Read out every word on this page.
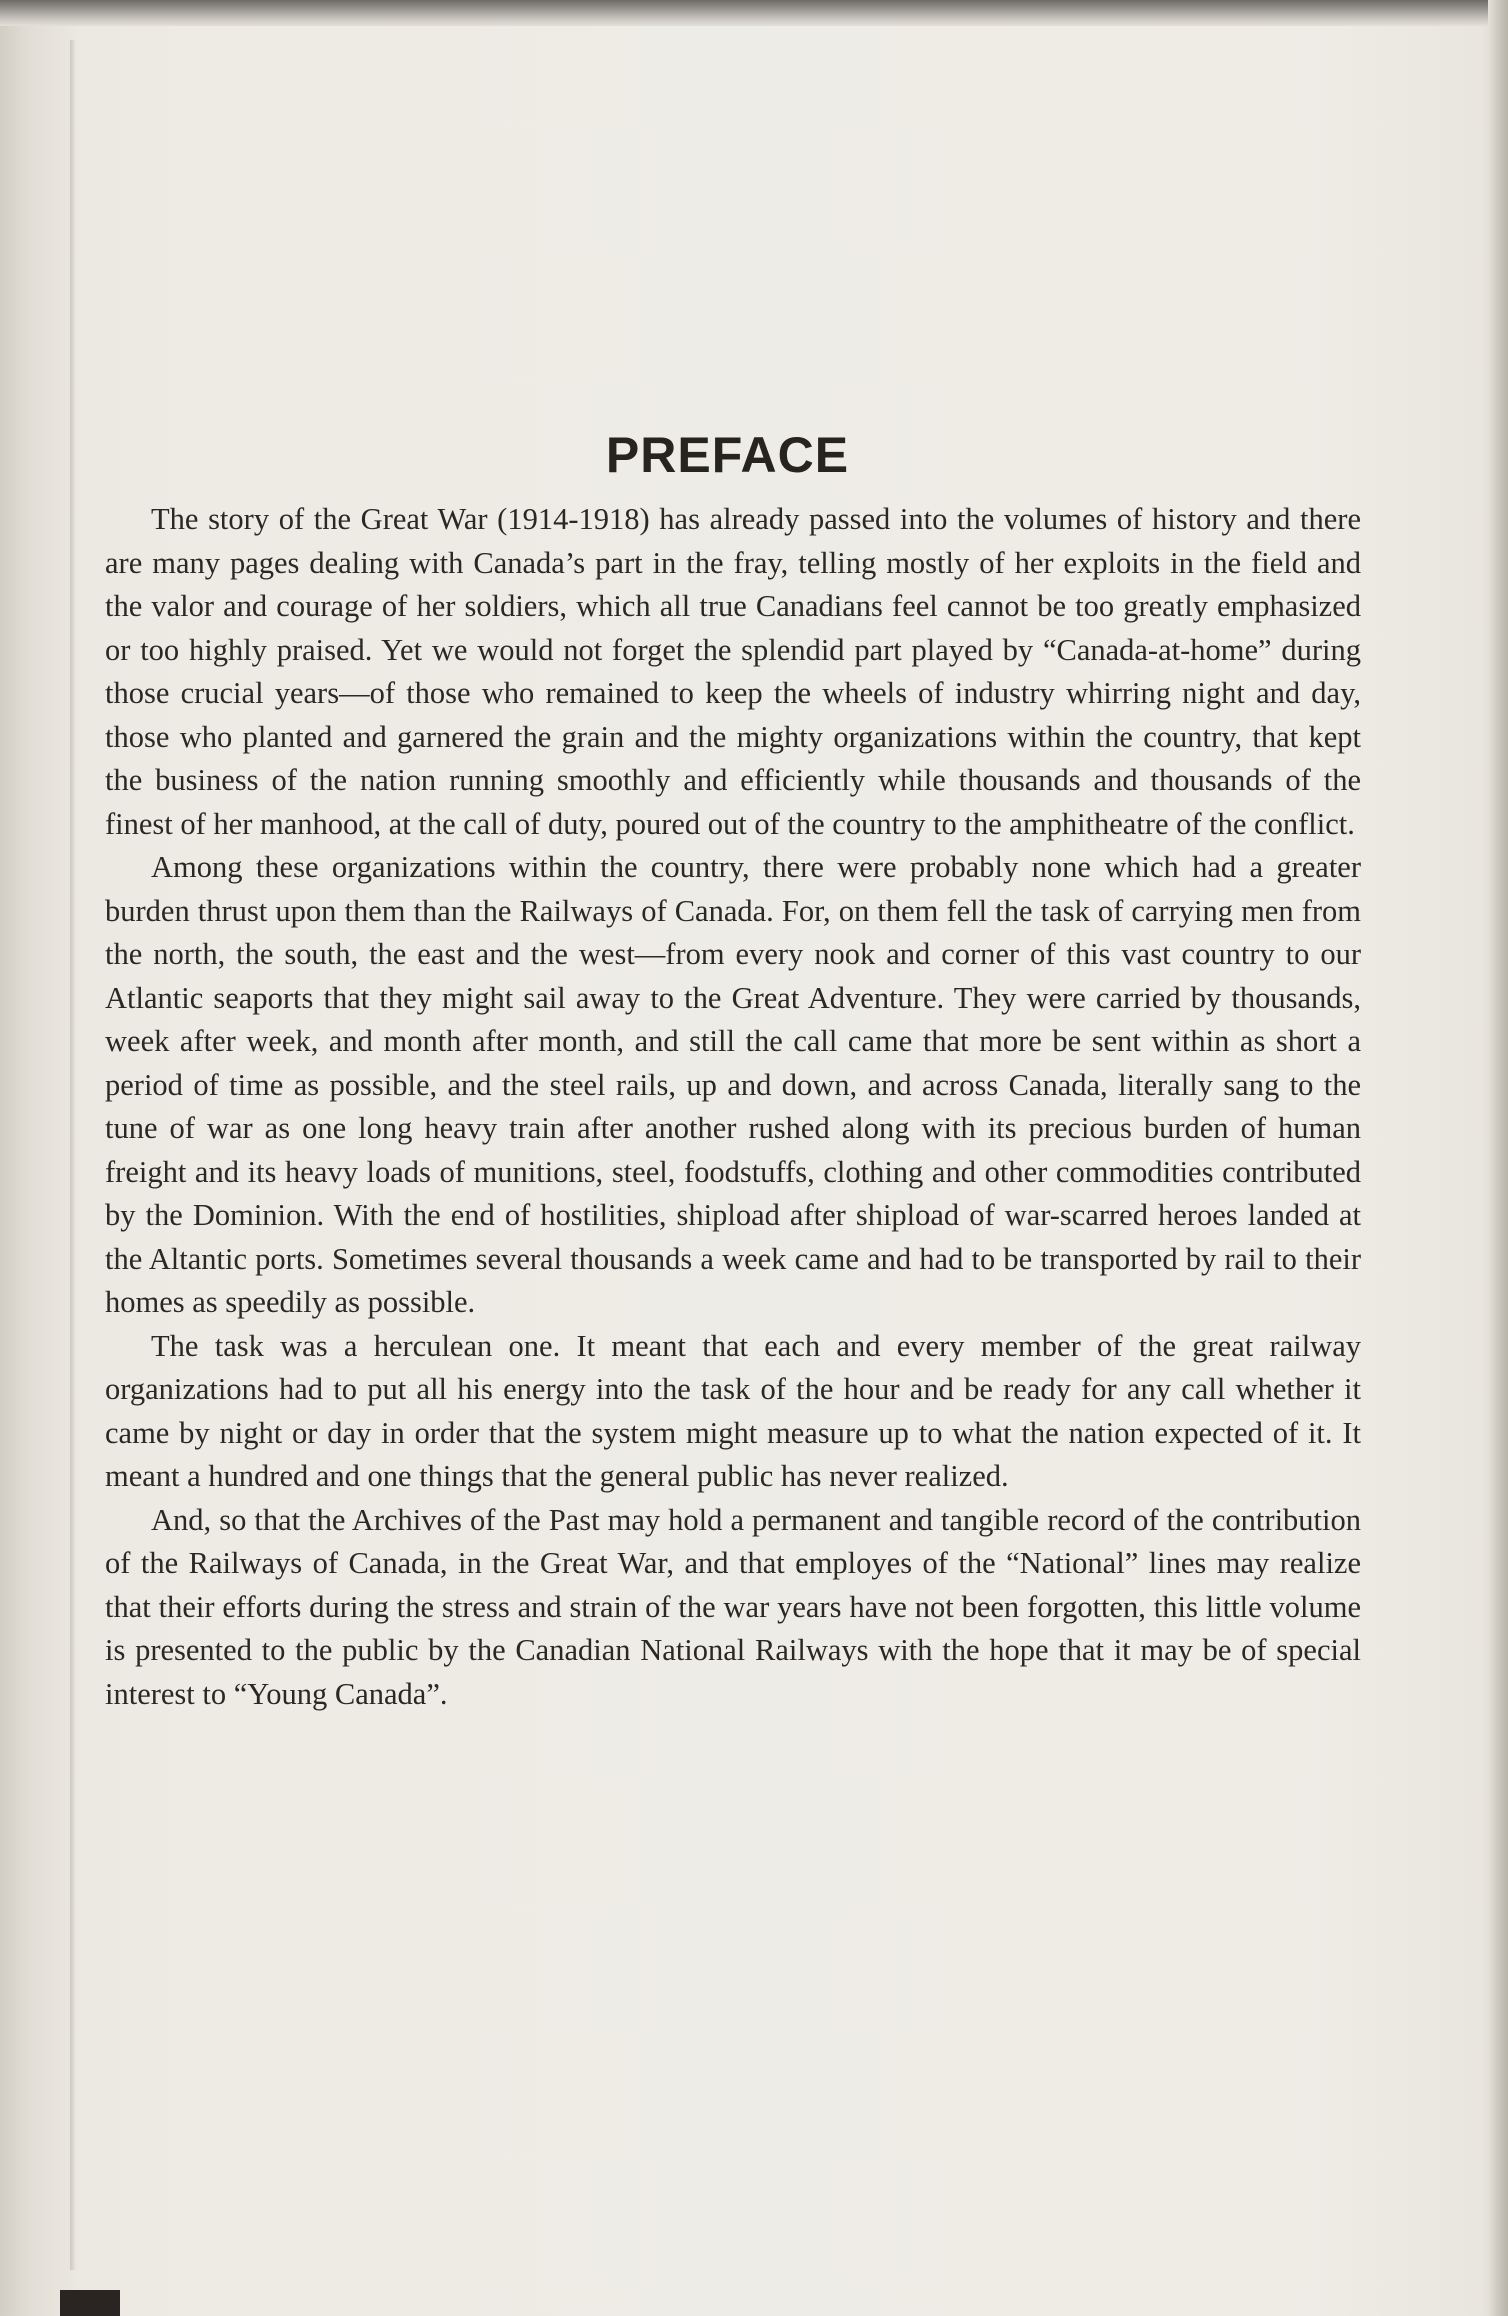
PREFACE

The story of the Great War (1914-1918) has already passed into the volumes of history and there are many pages dealing with Canada’s part in the fray, telling mostly of her exploits in the field and the valor and courage of her soldiers, which all true Canadians feel cannot be too greatly emphasized or too highly praised. Yet we would not forget the splendid part played by “Canada-at-home” during those crucial years—of those who remained to keep the wheels of industry whirring night and day, those who planted and garnered the grain and the mighty organizations within the country, that kept the business of the nation running smoothly and efficiently while thousands and thousands of the finest of her manhood, at the call of duty, poured out of the country to the amphitheatre of the conflict.

Among these organizations within the country, there were probably none which had a greater burden thrust upon them than the Railways of Canada. For, on them fell the task of carrying men from the north, the south, the east and the west—from every nook and corner of this vast country to our Atlantic seaports that they might sail away to the Great Adventure. They were carried by thousands, week after week, and month after month, and still the call came that more be sent within as short a period of time as possible, and the steel rails, up and down, and across Canada, literally sang to the tune of war as one long heavy train after another rushed along with its precious burden of human freight and its heavy loads of munitions, steel, foodstuffs, clothing and other commodities contributed by the Dominion. With the end of hostilities, shipload after shipload of war-scarred heroes landed at the Altantic ports. Sometimes several thousands a week came and had to be transported by rail to their homes as speedily as possible.

The task was a herculean one. It meant that each and every member of the great railway organizations had to put all his energy into the task of the hour and be ready for any call whether it came by night or day in order that the system might measure up to what the nation expected of it. It meant a hundred and one things that the general public has never realized.

And, so that the Archives of the Past may hold a permanent and tangible record of the contribution of the Railways of Canada, in the Great War, and that employes of the “National” lines may realize that their efforts during the stress and strain of the war years have not been forgotten, this little volume is presented to the public by the Canadian National Railways with the hope that it may be of special interest to “Young Canada”.
